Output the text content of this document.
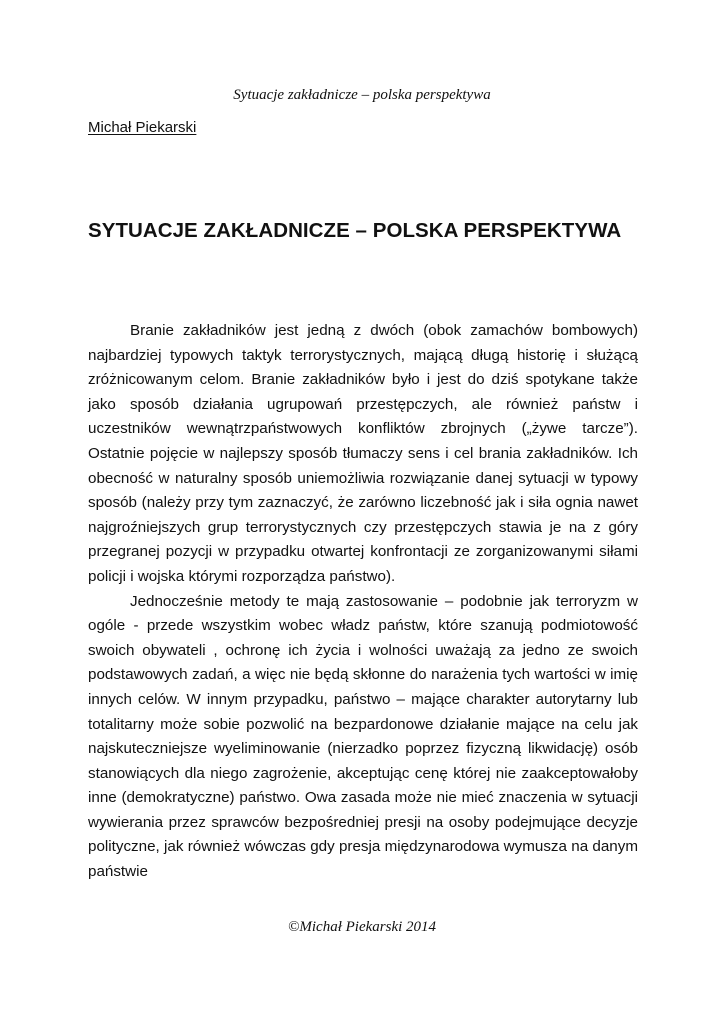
Sytuacje zakładnicze – polska perspektywa
Michał Piekarski
SYTUACJE ZAKŁADNICZE – POLSKA PERSPEKTYWA

Branie zakładników jest jedną z dwóch (obok zamachów bombowych) najbardziej typowych taktyk terrorystycznych, mającą długą historię i służącą zróżnicowanym celom. Branie zakładników było i jest do dziś spotykane także jako sposób działania ugrupowań przestępczych, ale również państw i uczestników wewnątrzpaństwowych konfliktów zbrojnych („żywe tarcze”). Ostatnie pojęcie w najlepszy sposób tłumaczy sens i cel brania zakładników. Ich obecność w naturalny sposób uniemożliwia rozwiązanie danej sytuacji w typowy sposób (należy przy tym zaznaczyć, że zarówno liczebność jak i siła ognia nawet najgroźniejszych grup terrorystycznych czy przestępczych stawia je na z góry przegranej pozycji w przypadku otwartej konfrontacji ze zorganizowanymi siłami policji i wojska którymi rozporządza państwo).

Jednocześnie metody te mają zastosowanie – podobnie jak terroryzm w ogóle - przede wszystkim wobec władz państw, które szanują podmiotowość swoich obywateli , ochronę ich życia i wolności uważają za jedno ze swoich podstawowych zadań, a więc nie będą skłonne do narażenia tych wartości w imię innych celów. W innym przypadku, państwo – mające charakter autorytarny lub totalitarny może sobie pozwolić na bezpardonowe działanie mające na celu jak najskuteczniejsze wyeliminowanie (nierzadko poprzez fizyczną likwidację) osób stanowiących dla niego zagrożenie, akceptując cenę której nie zaakceptowałoby inne (demokratyczne) państwo. Owa zasada może nie mieć znaczenia w sytuacji wywierania przez sprawców bezpośredniej presji na osoby podejmujące decyzje polityczne, jak również wówczas gdy presja międzynarodowa wymusza na danym państwie

©Michał Piekarski 2014
